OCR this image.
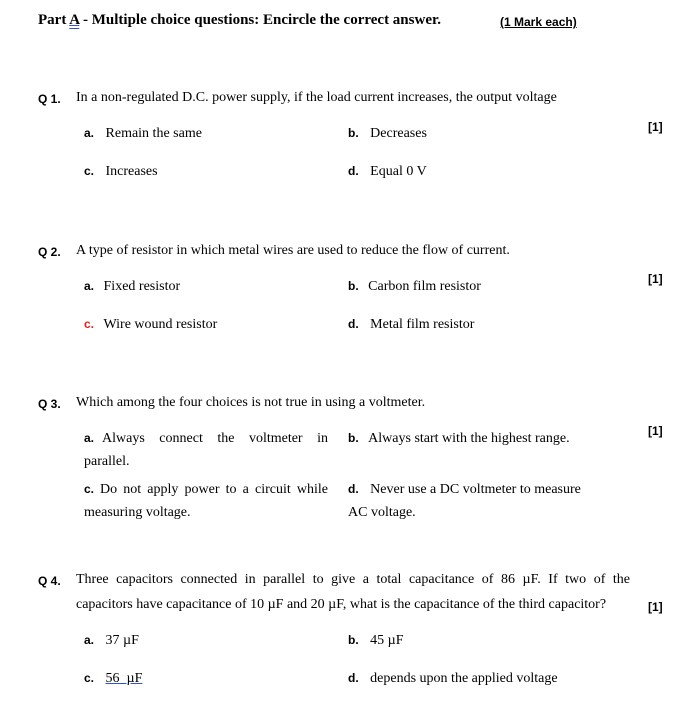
Part A - Multiple choice questions: Encircle the correct answer.	(1 Mark each)
Q 1. In a non-regulated D.C. power supply, if the load current increases, the output voltage
[1]
a. Remain the same	b. Decreases
c. Increases	d. Equal 0 V
Q 2. A type of resistor in which metal wires are used to reduce the flow of current.
[1]
a. Fixed resistor	b. Carbon film resistor
c. Wire wound resistor	d. Metal film resistor
Q 3. Which among the four choices is not true in using a voltmeter.
[1]
a. Always connect the voltmeter in
parallel.
b. Always start with the highest range.
c. Do not apply power to a circuit while
measuring voltage.
d. Never use a DC voltmeter to measure
AC voltage.
Q 4. Three capacitors connected in parallel to give a total capacitance of 86 µF. If two of the
capacitors have capacitance of 10 µF and 20 µF, what is the capacitance of the third capacitor?	[1]
a. 37 µF	b. 45 µF
c. 56  µF	d. depends upon the applied voltage
